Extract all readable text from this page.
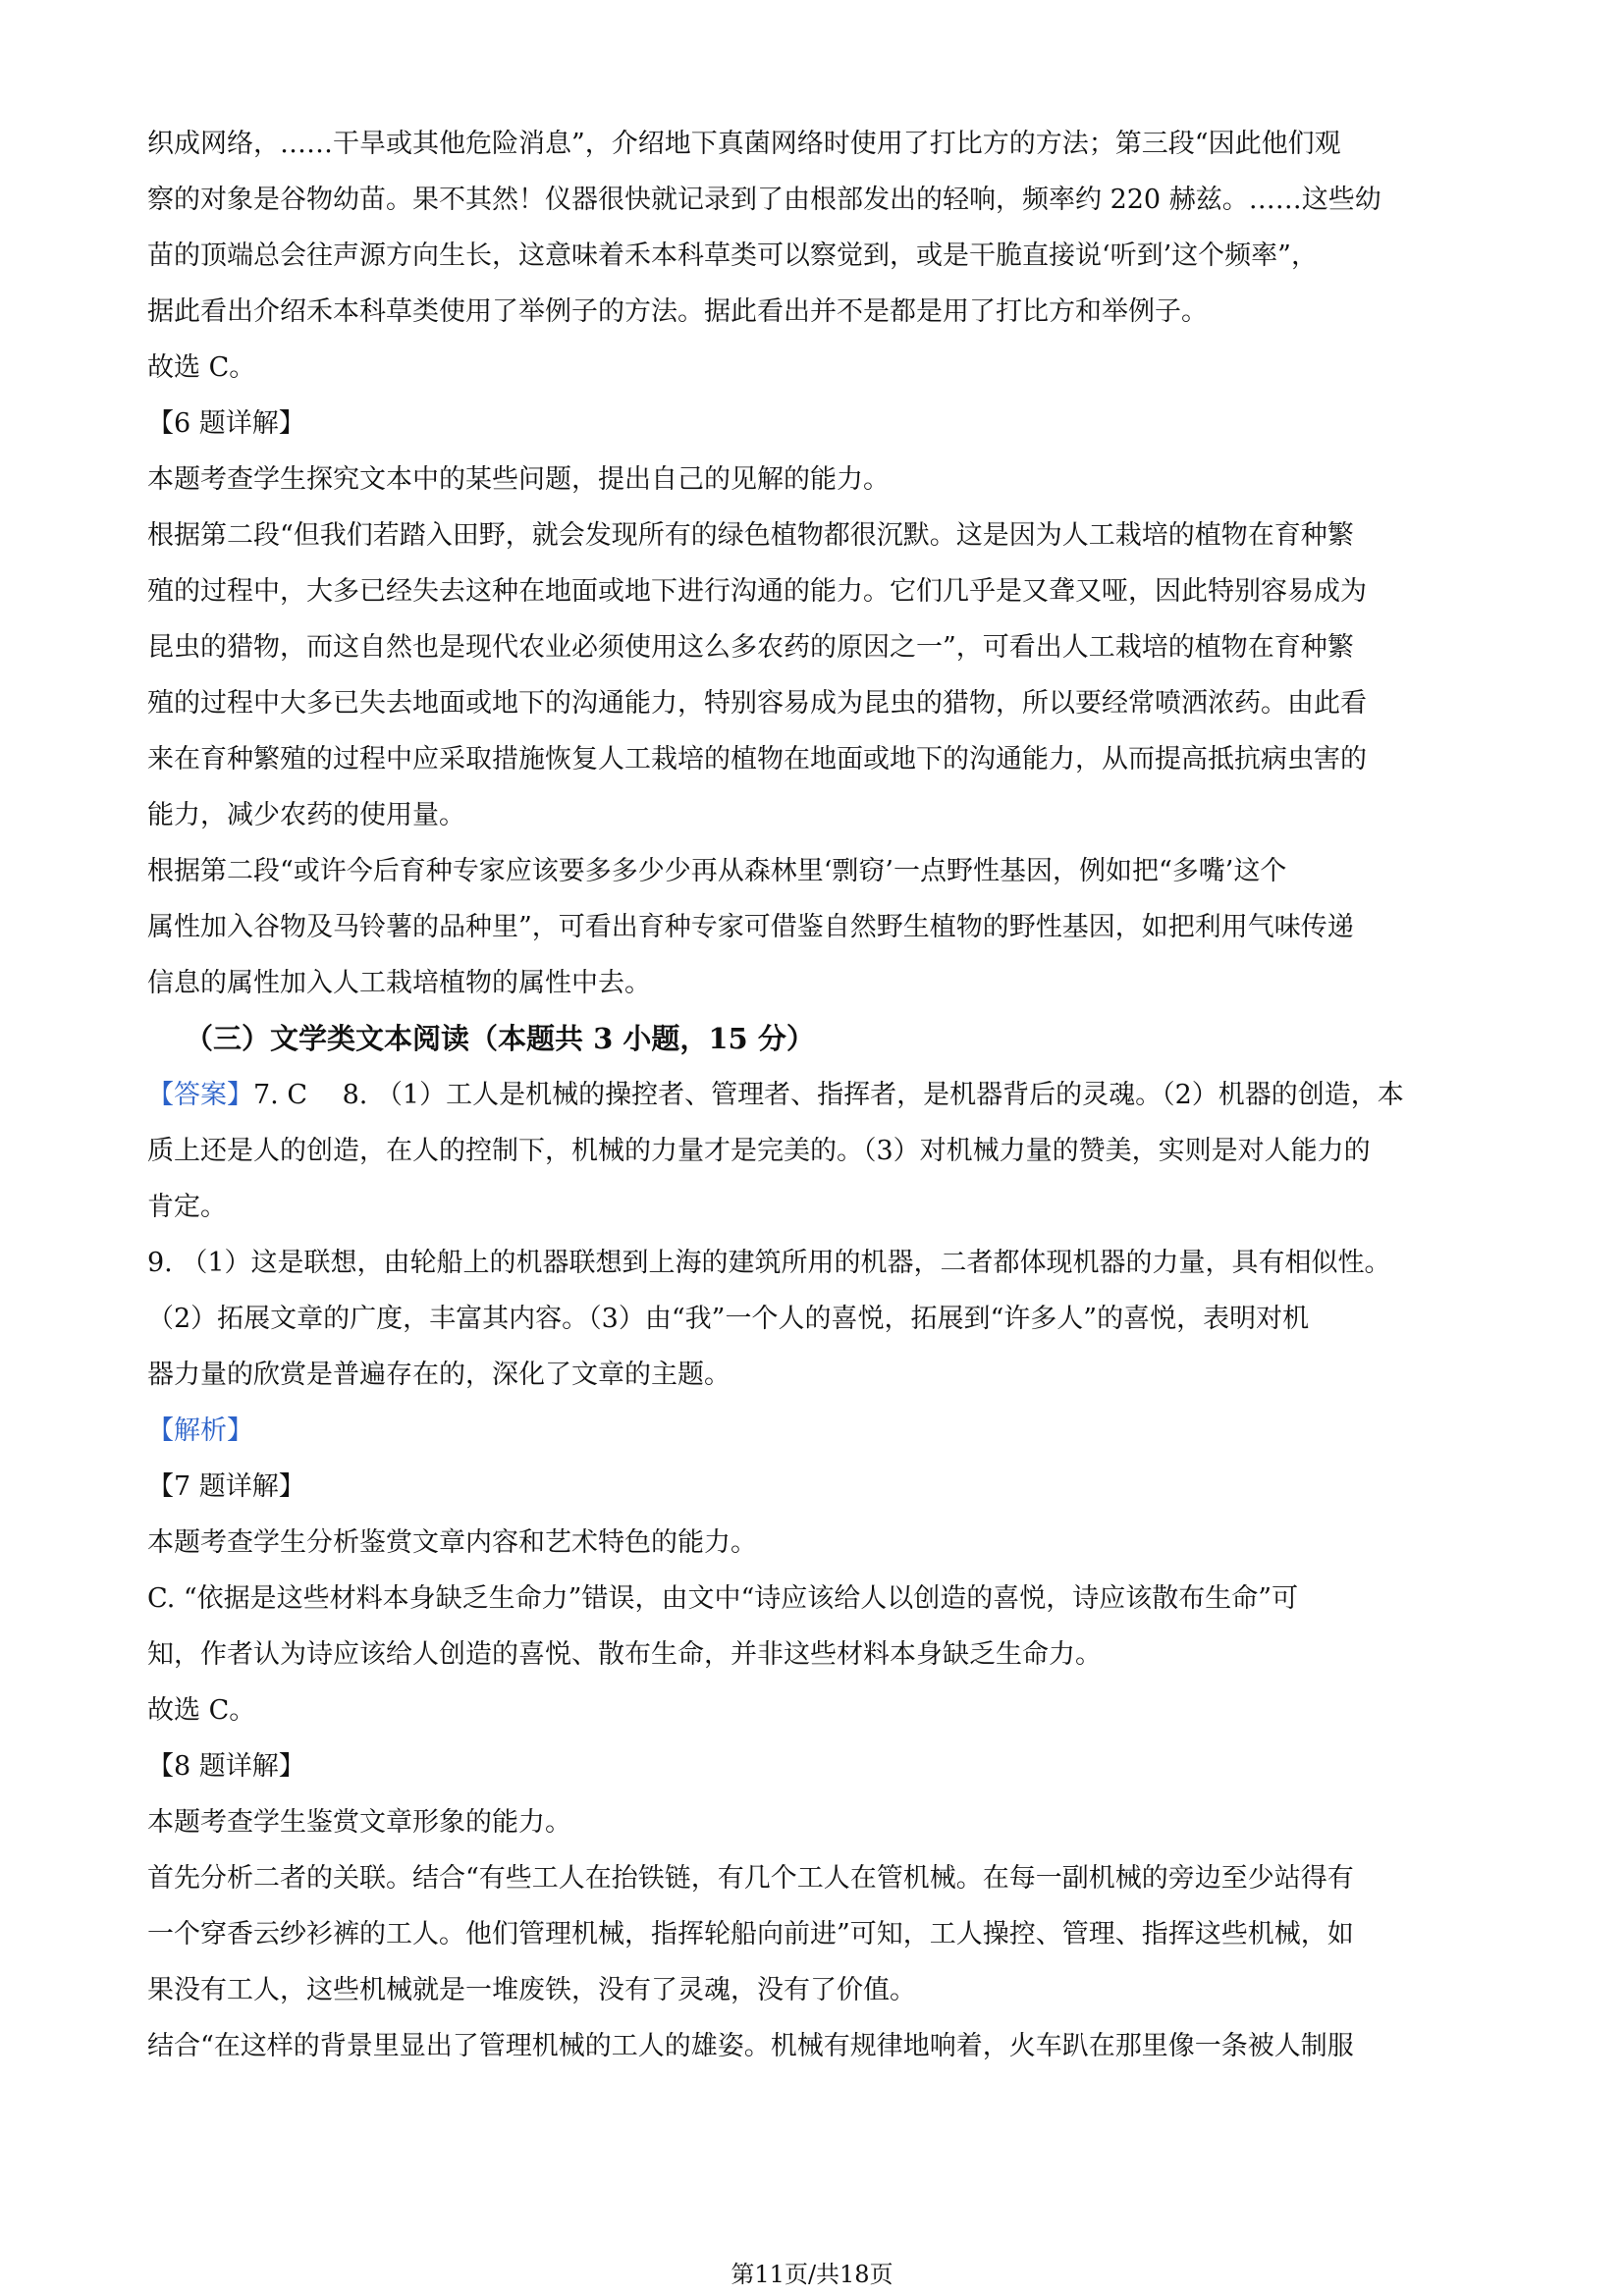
织成网络，……干旱或其他危险消息”，介绍地下真菌网络时使用了打比方的方法；第三段“因此他们观
察的对象是谷物幼苗。果不其然！仪器很快就记录到了由根部发出的轻响，频率约 220 赫兹。……这些幼
苗的顶端总会往声源方向生长，这意味着禾本科草类可以察觉到，或是干脆直接说‘听到’这个频率”，
据此看出介绍禾本科草类使用了举例子的方法。据此看出并不是都是用了打比方和举例子。
故选 C。
【6 题详解】
本题考查学生探究文本中的某些问题，提出自己的见解的能力。
根据第二段“但我们若踏入田野，就会发现所有的绿色植物都很沉默。这是因为人工栽培的植物在育种繁
殖的过程中，大多已经失去这种在地面或地下进行沟通的能力。它们几乎是又聋又哑，因此特别容易成为
昆虫的猎物，而这自然也是现代农业必须使用这么多农药的原因之一”，可看出人工栽培的植物在育种繁
殖的过程中大多已失去地面或地下的沟通能力，特别容易成为昆虫的猎物，所以要经常喷洒浓药。由此看
来在育种繁殖的过程中应采取措施恢复人工栽培的植物在地面或地下的沟通能力，从而提高抵抗病虫害的
能力，减少农药的使用量。
根据第二段“或许今后育种专家应该要多多少少再从森林里‘剽窃’一点野性基因，例如把“多嘴’这个
属性加入谷物及马铃薯的品种里”，可看出育种专家可借鉴自然野生植物的野性基因，如把利用气味传递
信息的属性加入人工栽培植物的属性中去。
（三）文学类文本阅读（本题共 3 小题，15 分）
【答案】7. C　 8. （1）工人是机械的操控者、管理者、指挥者，是机器背后的灵魂。（2）机器的创造，本
质上还是人的创造，在人的控制下，机械的力量才是完美的。（3）对机械力量的赞美，实则是对人能力的
肯定。
9. （1）这是联想，由轮船上的机器联想到上海的建筑所用的机器，二者都体现机器的力量，具有相似性。
（2）拓展文章的广度，丰富其内容。（3）由“我”一个人的喜悦，拓展到“许多人”的喜悦，表明对机
器力量的欣赏是普遍存在的，深化了文章的主题。
【解析】
【7 题详解】
本题考查学生分析鉴赏文章内容和艺术特色的能力。
C. “依据是这些材料本身缺乏生命力”错误，由文中“诗应该给人以创造的喜悦，诗应该散布生命”可
知，作者认为诗应该给人创造的喜悦、散布生命，并非这些材料本身缺乏生命力。
故选 C。
【8 题详解】
本题考查学生鉴赏文章形象的能力。
首先分析二者的关联。结合“有些工人在抬铁链，有几个工人在管机械。在每一副机械的旁边至少站得有
一个穿香云纱衫裤的工人。他们管理机械，指挥轮船向前进”可知，工人操控、管理、指挥这些机械，如
果没有工人，这些机械就是一堆废铁，没有了灵魂，没有了价值。
结合“在这样的背景里显出了管理机械的工人的雄姿。机械有规律地响着，火车趴在那里像一条被人制服
第11页/共18页
